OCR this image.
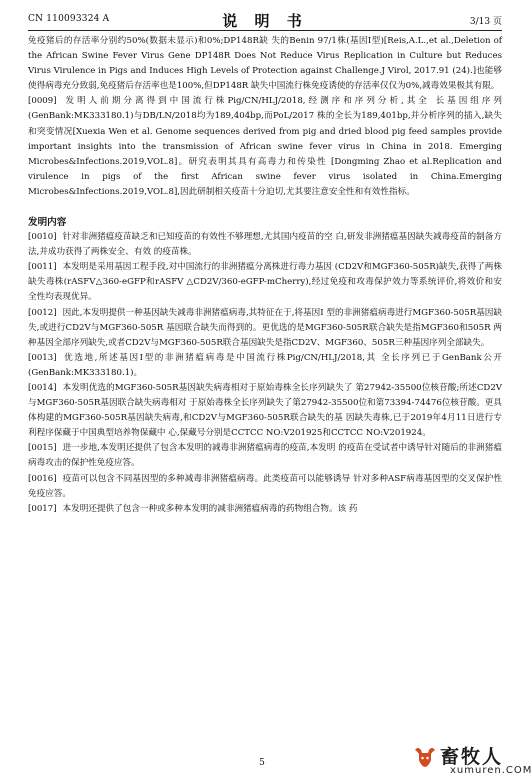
CN 110093324 A	说 明 书	3/13 页

免疫猪后的存活率分别约50%(数据未显示)和0%;DP148R缺 失的Benin 97/1株(基因I型)[Reis,A.L.,et al.,Deletion of the African Swine Fever Virus Gene DP148R Does Not Reduce Virus Replication in Culture but Reduces Virus Virulence in Pigs and Induces High Levels of Protection against Challenge.J Virol, 2017.91 (24).]也能够使得病毒充分致弱,免疫猪后存活率也是100%,但DP148R 缺失中国流行株免疫诱使的存活率仅仅为0%,减毒效果极其有限。

[0009] 发明人前期分离得到中国流行株Pig/CN/HLJ/2018,经测序和序列分析,其全 长基因组序列(GenBank:MK333180.1)与DB/LN/2018均为189,404bp,而PoL/2017 株的全长为189,401bp,并分析序列的插入,缺失和突变情况[Xuexia Wen et al. Genome sequences derived from pig and dried blood pig feed samples provide important insights into the transmission of African swine fever virus in China in 2018. Emerging Microbes&Infections.2019,VOL.8]。研究表明其具有高毒力和传染性 [Dongming Zhao et al.Replication and virulence in pigs of the first African swine fever virus isolated in China.Emerging Microbes&Infections.2019,VOL.8],因此研制相关疫苗十分迫切,尤其要注意安全性和有效性指标。

发明内容

[0010] 针对非洲猪瘟疫苗缺乏和已知疫苗的有效性不够理想,尤其国内疫苗的空 白,研发非洲猪瘟基因缺失减毒疫苗的制备方法,并成功获得了两株安全、有效 的疫苗株。

[0011] 本发明是采用基因工程手段,对中国流行的非洲猪瘟分离株进行毒力基因 (CD2V和MGF360-505R)缺失,获得了两株缺失毒株(rASFV△360-eGFP和rASFV △CD2V/360-eGFP-mCherry),经过免疫和攻毒保护效力等系统评价,将效价和安 全性均表现优异。

[0012] 因此,本发明提供一种基因缺失减毒非洲猪瘟病毒,其特征在于,将基因I 型的非洲猪瘟病毒进行MGF360-505R基因缺失,或进行CD2V与MGF360-505R 基因联合缺失而得到的。更优选的是MGF360-505R联合缺失是指MGF360和505R 两种基因全部序列缺失,或者CD2V与MGF360-505R联合基因缺失是指CD2V、MGF360、505R三种基因序列全部缺失。

[0013] 优选地,所述基因I型的非洲猪瘟病毒是中国流行株Pig/CN/HLJ/2018,其 全长序列已于GenBank公开(GenBank:MK333180.1)。

[0014] 本发明优选的MGF360-505R基因缺失病毒相对于原始毒株全长序列缺失了 第27942-35500位核苷酸;所述CD2V与MGF360-505R基因联合缺失病毒相对 于原始毒株全长序列缺失了第27942-35500位和第73394-74476位核苷酸。更具 体构建的MGF360-505R基因缺失病毒,和CD2V与MGF360-505R联合缺失的基 因缺失毒株,已于2019年4月11日进行专利程序保藏于中国典型培养物保藏中 心,保藏号分别是CCTCC NO:V201925和CCTCC NO:V201924。

[0015] 进一步地,本发明还提供了包含本发明的减毒非洲猪瘟病毒的疫苗,本发明 的疫苗在受试者中诱导针对随后的非洲猪瘟病毒攻击的保护性免疫应答。

[0016] 疫苗可以包含不同基因型的多种减毒非洲猪瘟病毒。此类疫苗可以能够诱导 针对多种ASF病毒基因型的交叉保护性免疫应答。

[0017] 本发明还提供了包含一种或多种本发明的减非洲猪瘟病毒的药物组合物。该 药

5	畜牧人
xumuren.COM
